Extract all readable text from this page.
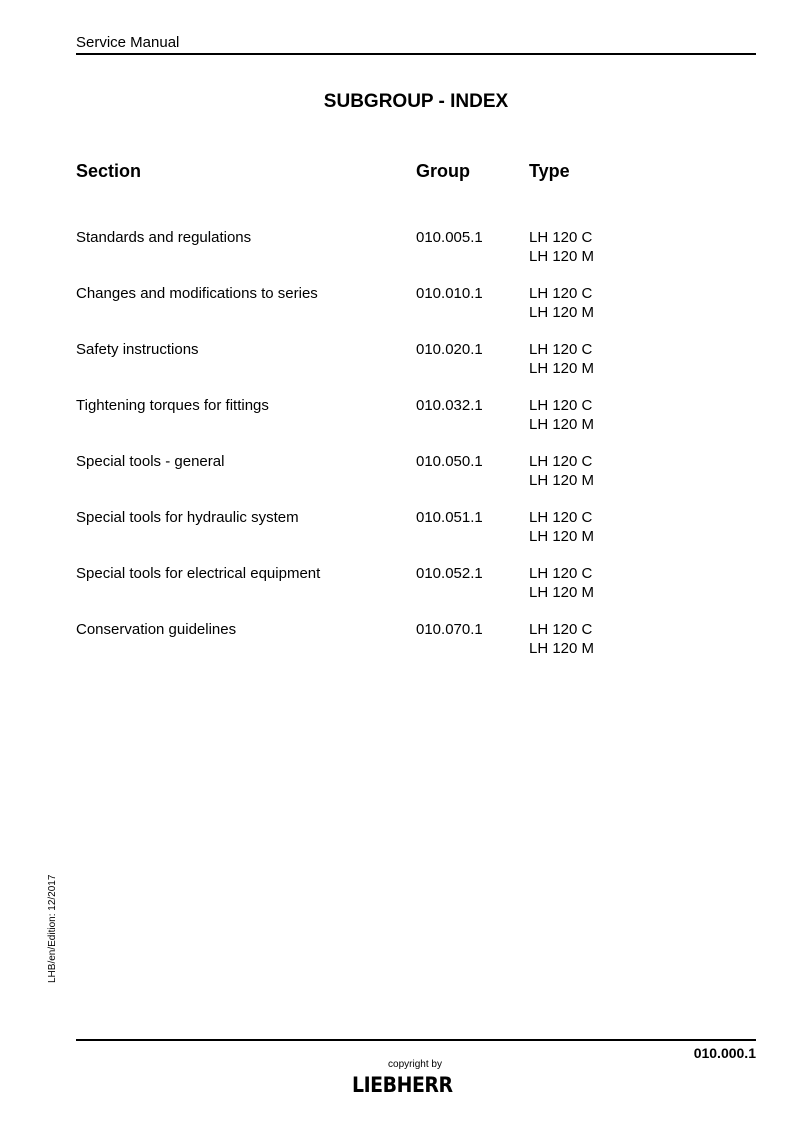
Service Manual
SUBGROUP - INDEX
Section	Group	Type
Standards and regulations	010.005.1	LH 120 C
LH 120 M
Changes and modifications to series	010.010.1	LH 120 C
LH 120 M
Safety instructions	010.020.1	LH 120 C
LH 120 M
Tightening torques for fittings	010.032.1	LH 120 C
LH 120 M
Special tools - general	010.050.1	LH 120 C
LH 120 M
Special tools for hydraulic system	010.051.1	LH 120 C
LH 120 M
Special tools for electrical equipment	010.052.1	LH 120 C
LH 120 M
Conservation guidelines	010.070.1	LH 120 C
LH 120 M
LHB/en/Edition: 12/2017
010.000.1
copyright by
LIEBHERR
